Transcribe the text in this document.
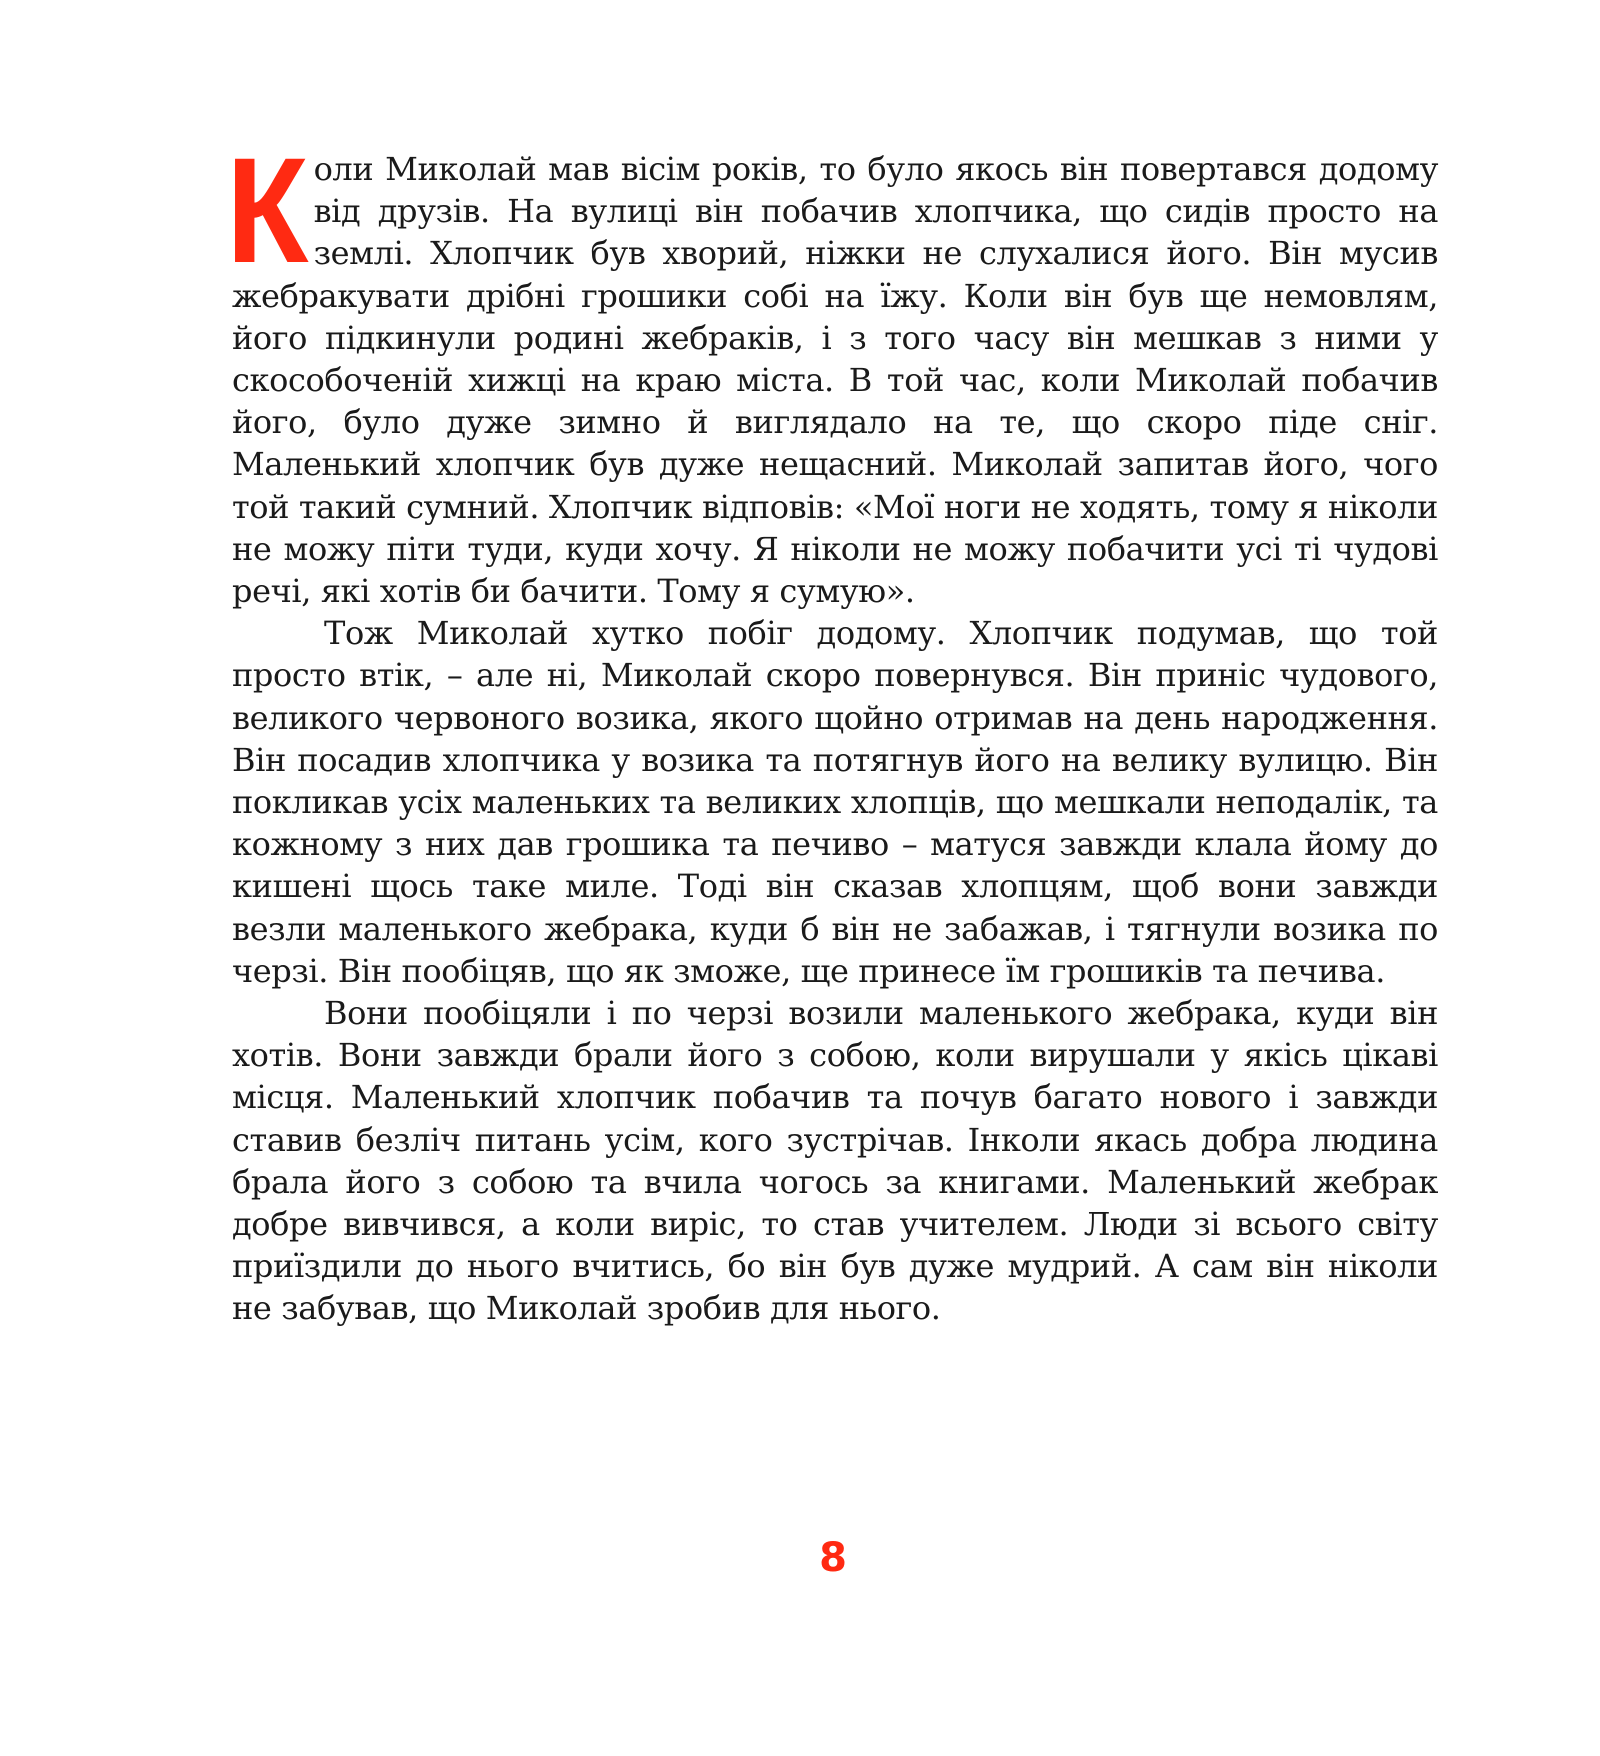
Коли Миколай мав вісім років, то було якось він повертався додому від друзів. На вулиці він побачив хлопчика, що сидів просто на землі. Хлопчик був хворий, ніжки не слухалися його. Він мусив жебракувати дрібні грошики собі на їжу. Коли він був ще немовлям, його підкинули родині жебраків, і з того часу він мешкав з ними у скособоченій хижці на краю міста. В той час, коли Миколай побачив його, було дуже зимно й виглядало на те, що скоро піде сніг. Маленький хлопчик був дуже нещасний. Миколай запитав його, чого той такий сумний. Хлопчик відповів: «Мої ноги не ходять, тому я ніколи не можу піти туди, куди хочу. Я ніколи не можу побачити усі ті чудові речі, які хотів би бачити. Тому я сумую».

Тож Миколай хутко побіг додому. Хлопчик подумав, що той просто втік, – але ні, Миколай скоро повернувся. Він приніс чудового, великого червоного возика, якого щойно отримав на день народження. Він посадив хлопчика у возика та потягнув його на велику вулицю. Він покликав усіх маленьких та великих хлопців, що мешкали неподалік, та кожному з них дав грошика та печиво – матуся завжди клала йому до кишені щось таке миле. Тоді він сказав хлопцям, щоб вони завжди везли маленького жебрака, куди б він не забажав, і тягнули возика по черзі. Він пообіцяв, що як зможе, ще принесе їм грошиків та печива.

Вони пообіцяли і по черзі возили маленького жебрака, куди він хотів. Вони завжди брали його з собою, коли вирушали у якісь цікаві місця. Маленький хлопчик побачив та почув багато нового і завжди ставив безліч питань усім, кого зустрічав. Інколи якась добра людина брала його з собою та вчила чогось за книгами. Маленький жебрак добре вивчився, а коли виріс, то став учителем. Люди зі всього світу приїздили до нього вчитись, бо він був дуже мудрий. А сам він ніколи не забував, що Миколай зробив для нього.

8
